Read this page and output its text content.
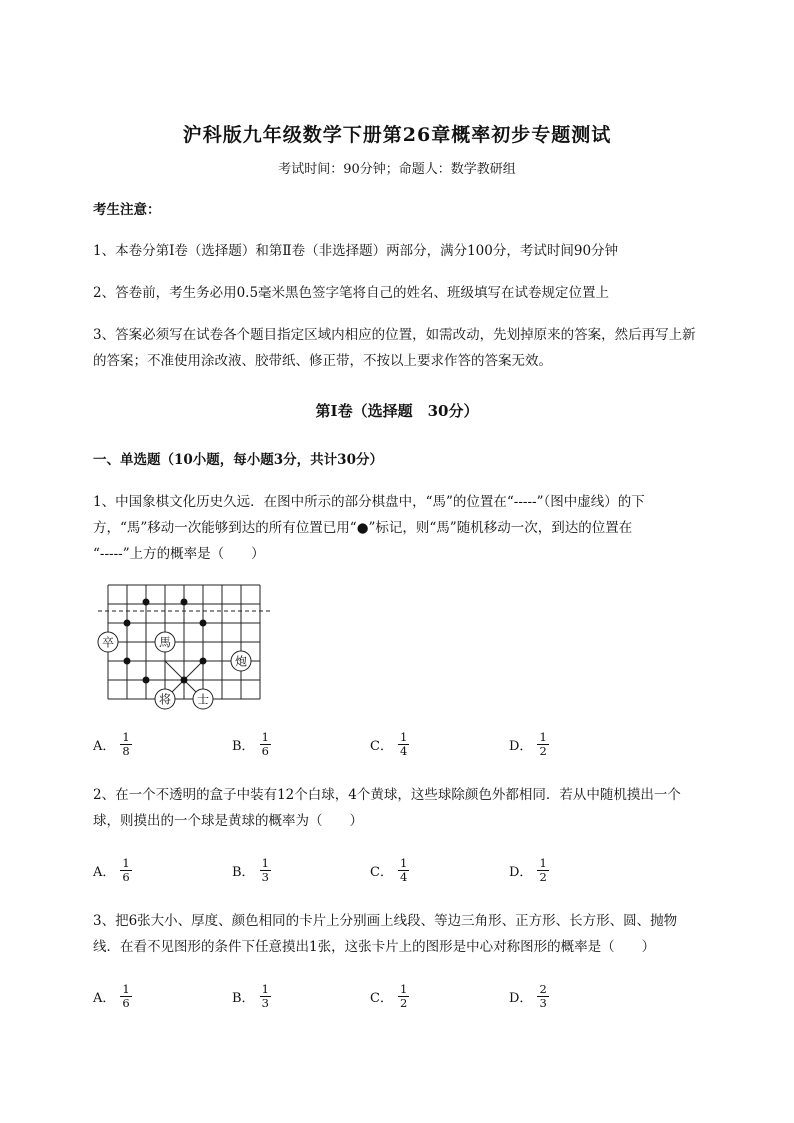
沪科版九年级数学下册第26章概率初步专题测试
考试时间：90分钟；命题人：数学教研组
考生注意：
1、本卷分第I卷（选择题）和第Ⅱ卷（非选择题）两部分，满分100分，考试时间90分钟
2、答卷前，考生务必用0.5毫米黑色签字笔将自己的姓名、班级填写在试卷规定位置上
3、答案必须写在试卷各个题目指定区域内相应的位置，如需改动，先划掉原来的答案，然后再写上新
的答案；不准使用涂改液、胶带纸、修正带，不按以上要求作答的答案无效。
第I卷（选择题　30分）
一、单选题（10小题，每小题3分，共计30分）
1、中国象棋文化历史久远．在图中所示的部分棋盘中，“馬”的位置在“-----”（图中虚线）的下
方，“馬”移动一次能够到达的所有位置已用“●”标记，则“馬”随机移动一次，到达的位置在
“-----”上方的概率是（　　）
卒	馬
炮
将 士
A． $\frac{1}{8}$	B． $\frac{1}{6}$	C． $\frac{1}{4}$	D． $\frac{1}{2}$
2、在一个不透明的盒子中装有12个白球，4个黄球，这些球除颜色外都相同．若从中随机摸出一个
球，则摸出的一个球是黄球的概率为（　　）
A． $\frac{1}{6}$	B． $\frac{1}{3}$	C． $\frac{1}{4}$	D． $\frac{1}{2}$
3、把6张大小、厚度、颜色相同的卡片上分别画上线段、等边三角形、正方形、长方形、圆、抛物
线．在看不见图形的条件下任意摸出1张，这张卡片上的图形是中心对称图形的概率是（　　）
A． $\frac{1}{6}$	B． $\frac{1}{3}$	C． $\frac{1}{2}$	D． $\frac{2}{3}$
